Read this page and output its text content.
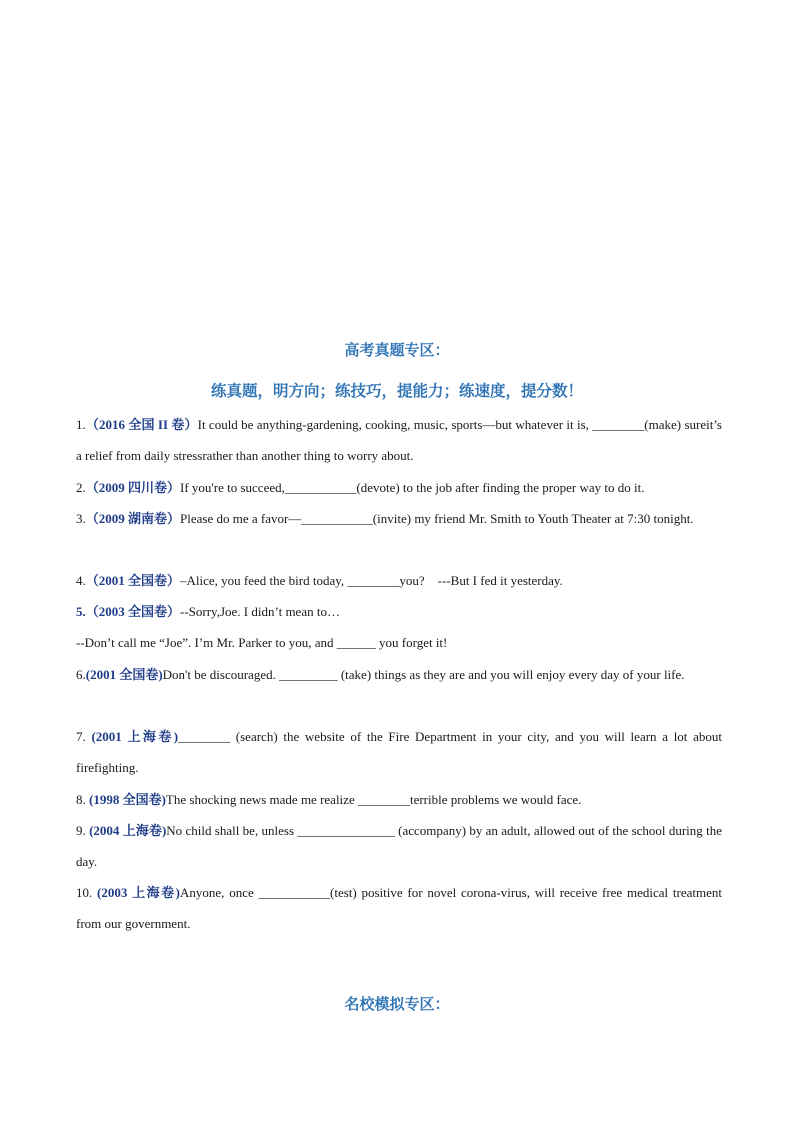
高考真题专区：
练真题，明方向；练技巧，提能力；练速度，提分数！

1.（2016 全国 II 卷）It could be anything-gardening, cooking, music, sports—but whatever it is, ________(make) sureit’s a relief from daily stressrather than another thing to worry about.

2.（2009 四川卷）If you're to succeed,___________(devote) to the job after finding the proper way to do it.

3.（2009 湖南卷）Please do me a favor—___________(invite) my friend Mr. Smith to Youth Theater at 7:30 tonight.

4.（2001 全国卷）–Alice, you feed the bird today, ________you?　---But I fed it yesterday.

5.（2003 全国卷）--Sorry,Joe. I didn’t mean to…

--Don’t call me “Joe”. I’m Mr. Parker to you, and ______ you forget it!

6.(2001 全国卷)Don't be discouraged. _________ (take) things as they are and you will enjoy every day of your life.

7. (2001 上海卷)________ (search) the website of the Fire Department in your city, and you will learn a lot about firefighting.

8. (1998 全国卷)The shocking news made me realize ________terrible problems we would face.

9. (2004 上海卷)No child shall be, unless _______________ (accompany) by an adult, allowed out of the school during the day.

10. (2003 上海卷)Anyone, once ___________(test) positive for novel corona-virus, will receive free medical treatment from our government.

名校模拟专区：
